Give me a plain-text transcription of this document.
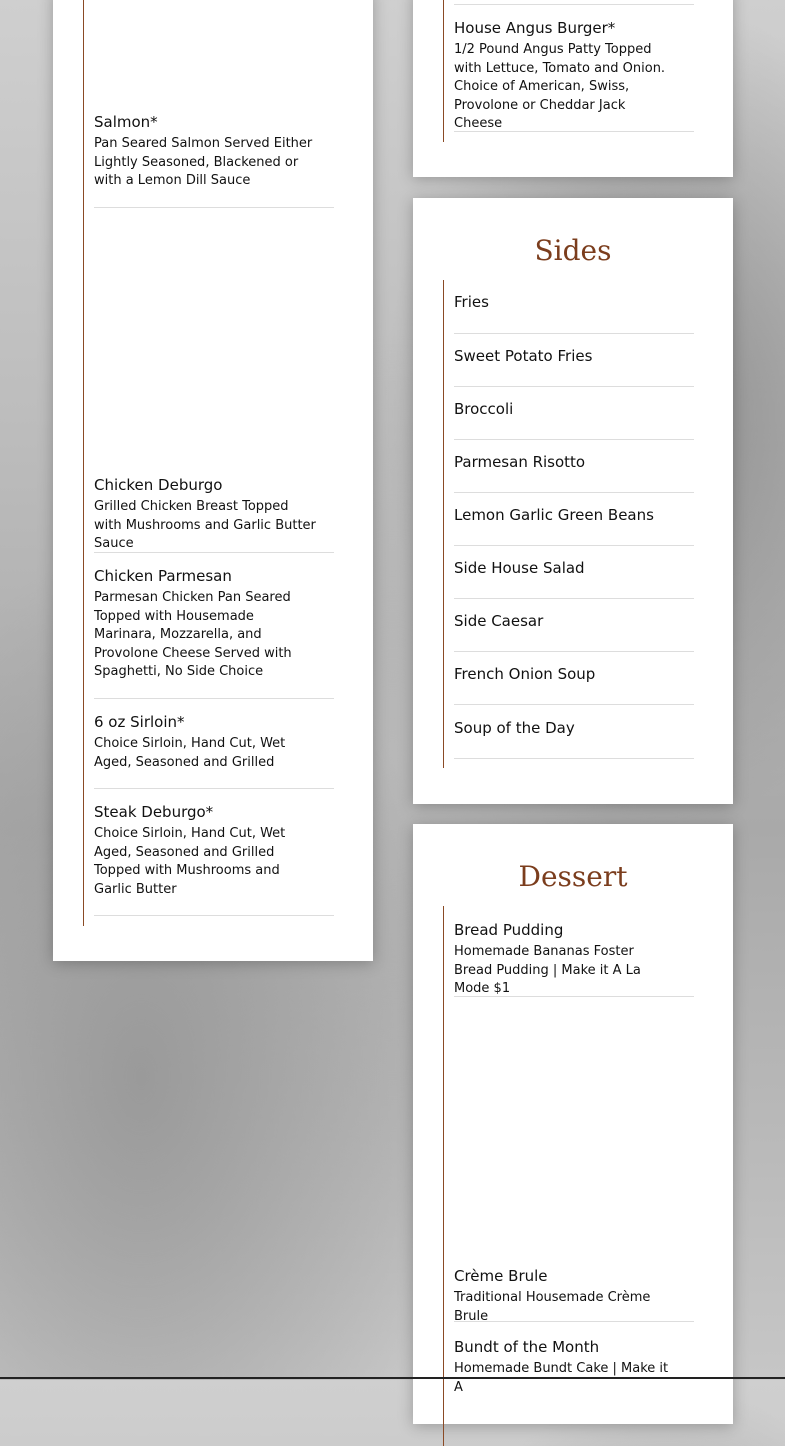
Salmon*
Pan Seared Salmon Served Either Lightly Seasoned, Blackened or with a Lemon Dill Sauce
Chicken Deburgo
Grilled Chicken Breast Topped with Mushrooms and Garlic Butter Sauce
Chicken Parmesan
Parmesan Chicken Pan Seared Topped with Housemade Marinara, Mozzarella, and Provolone Cheese Served with Spaghetti, No Side Choice
6 oz Sirloin*
Choice Sirloin, Hand Cut, Wet Aged, Seasoned and Grilled
Steak Deburgo*
Choice Sirloin, Hand Cut, Wet Aged, Seasoned and Grilled Topped with Mushrooms and Garlic Butter
House Angus Burger*
1/2 Pound Angus Patty Topped with Lettuce, Tomato and Onion. Choice of American, Swiss, Provolone or Cheddar Jack Cheese
Sides
Fries
Sweet Potato Fries
Broccoli
Parmesan Risotto
Lemon Garlic Green Beans
Side House Salad
Side Caesar
French Onion Soup
Soup of the Day
Dessert
Bread Pudding
Homemade Bananas Foster Bread Pudding | Make it A La Mode $1
Crème Brule
Traditional Housemade Crème Brule
Bundt of the Month
Homemade Bundt Cake | Make it A
